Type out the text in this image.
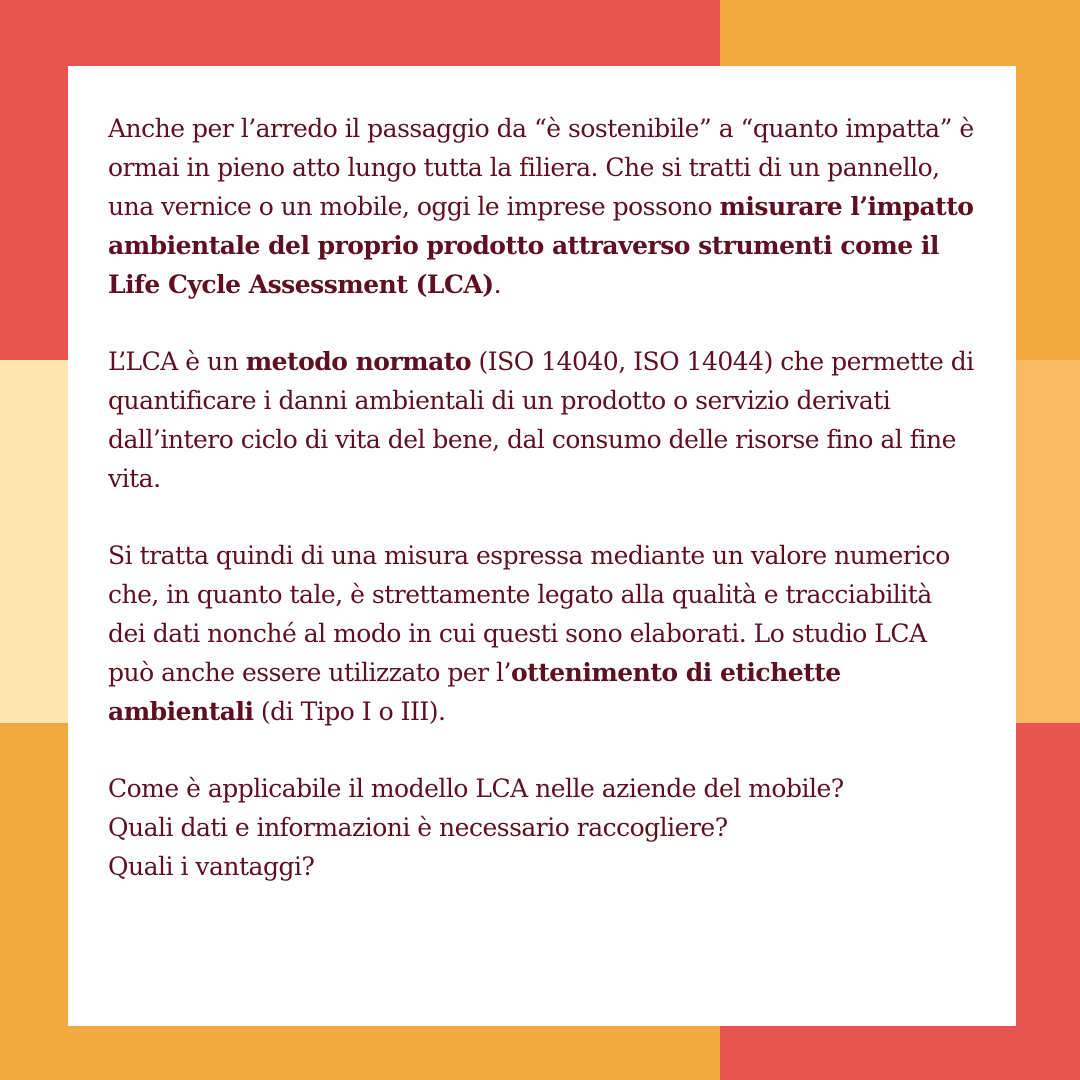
Anche per l’arredo il passaggio da “è sostenibile” a “quanto impatta” è ormai in pieno atto lungo tutta la filiera. Che si tratti di un pannello, una vernice o un mobile, oggi le imprese possono misurare l’impatto ambientale del proprio prodotto attraverso strumenti come il Life Cycle Assessment (LCA).

L’LCA è un metodo normato (ISO 14040, ISO 14044) che permette di quantificare i danni ambientali di un prodotto o servizio derivati dall’intero ciclo di vita del bene, dal consumo delle risorse fino al fine vita.

Si tratta quindi di una misura espressa mediante un valore numerico che, in quanto tale, è strettamente legato alla qualità e tracciabilità dei dati nonché al modo in cui questi sono elaborati. Lo studio LCA può anche essere utilizzato per l’ottenimento di etichette ambientali (di Tipo I o III).

Come è applicabile il modello LCA nelle aziende del mobile?
Quali dati e informazioni è necessario raccogliere?
Quali i vantaggi?
